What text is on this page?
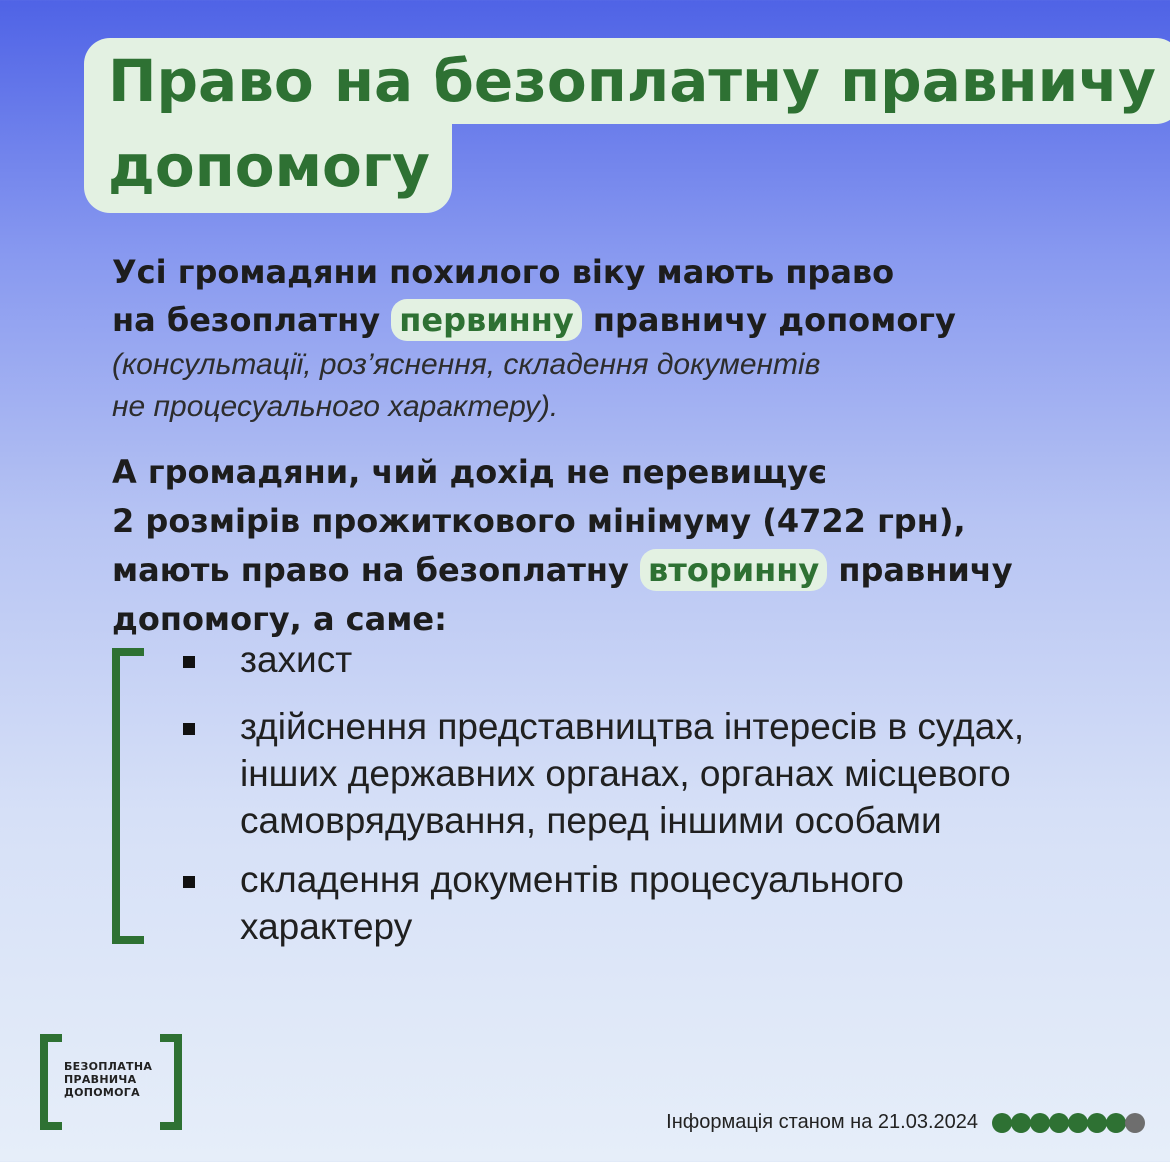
Право на безоплатну правничу
допомогу
Усі громадяни похилого віку мають право
на безоплатну первинну правничу допомогу
(консультації, роз’яснення, складення документів
не процесуального характеру).
А громадяни, чий дохід не перевищує
2 розмірів прожиткового мінімуму (4722 грн),
мають право на безоплатну вторинну правничу
допомогу, а саме:
захист
здійснення представництва інтересів в судах,
інших державних органах, органах місцевого
самоврядування, перед іншими особами
складення документів процесуального
характеру
БЕЗОПЛАТНА
ПРАВНИЧА
ДОПОМОГА
Інформація станом на 21.03.2024
